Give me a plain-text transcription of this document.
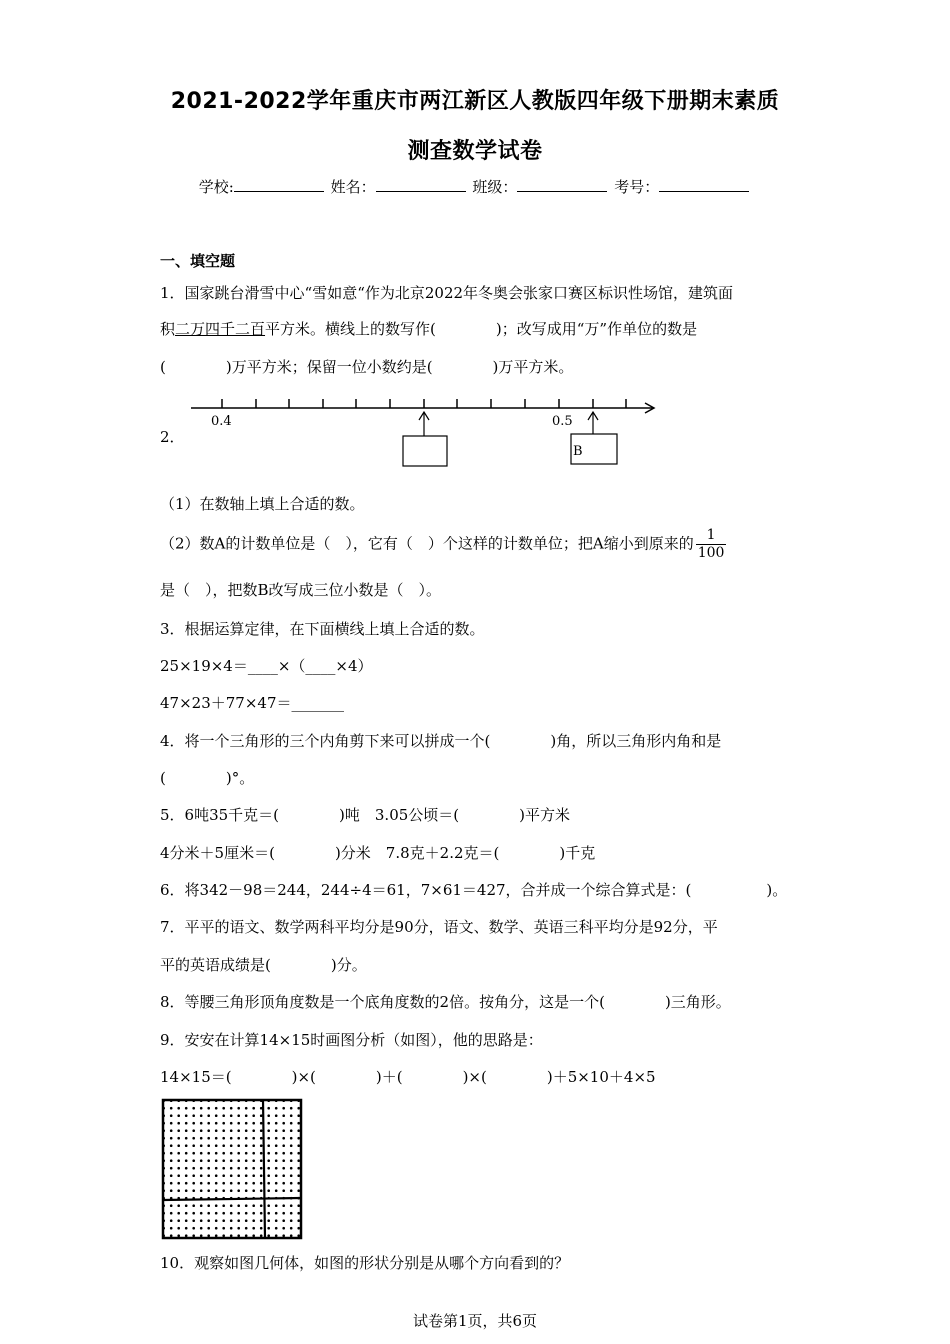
2021-2022学年重庆市两江新区人教版四年级下册期末素质
测查数学试卷
学校:	姓名：	班级：	考号：
一、填空题
1．国家跳台滑雪中心“雪如意“作为北京2022年冬奥会张家口赛区标识性场馆，建筑面
积二万四千二百平方米。横线上的数写作(　　　　)；改写成用“万”作单位的数是
(　　　　)万平方米；保留一位小数约是(　　　　)万平方米。
2．
0.4	0.5
B
（1）在数轴上填上合适的数。
（2）数A的计数单位是（　），它有（　）个这样的计数单位；把A缩小到原来的 $\frac{1}{100}$
是（　），把数B改写成三位小数是（　）。
3．根据运算定律，在下面横线上填上合适的数。
25×19×4＝____×（____×4）
47×23＋77×47＝_______
4．将一个三角形的三个内角剪下来可以拼成一个(　　　　)角，所以三角形内角和是
(　　　　)°。
5．6吨35千克＝(　　　　)吨　3.05公顷＝(　　　　)平方米
4分米＋5厘米＝(　　　　)分米　7.8克＋2.2克＝(　　　　)千克
6．将342－98＝244，244÷4＝61，7×61＝427，合并成一个综合算式是：(　　　　　)。
7．平平的语文、数学两科平均分是90分，语文、数学、英语三科平均分是92分，平
平的英语成绩是(　　　　)分。
8．等腰三角形顶角度数是一个底角度数的2倍。按角分，这是一个(　　　　)三角形。
9．安安在计算14×15时画图分析（如图），他的思路是：
14×15＝(　　　　)×(　　　　)＋(　　　　)×(　　　　)＋5×10＋4×5
10．观察如图几何体，如图的形状分别是从哪个方向看到的？
试卷第1页，共6页
